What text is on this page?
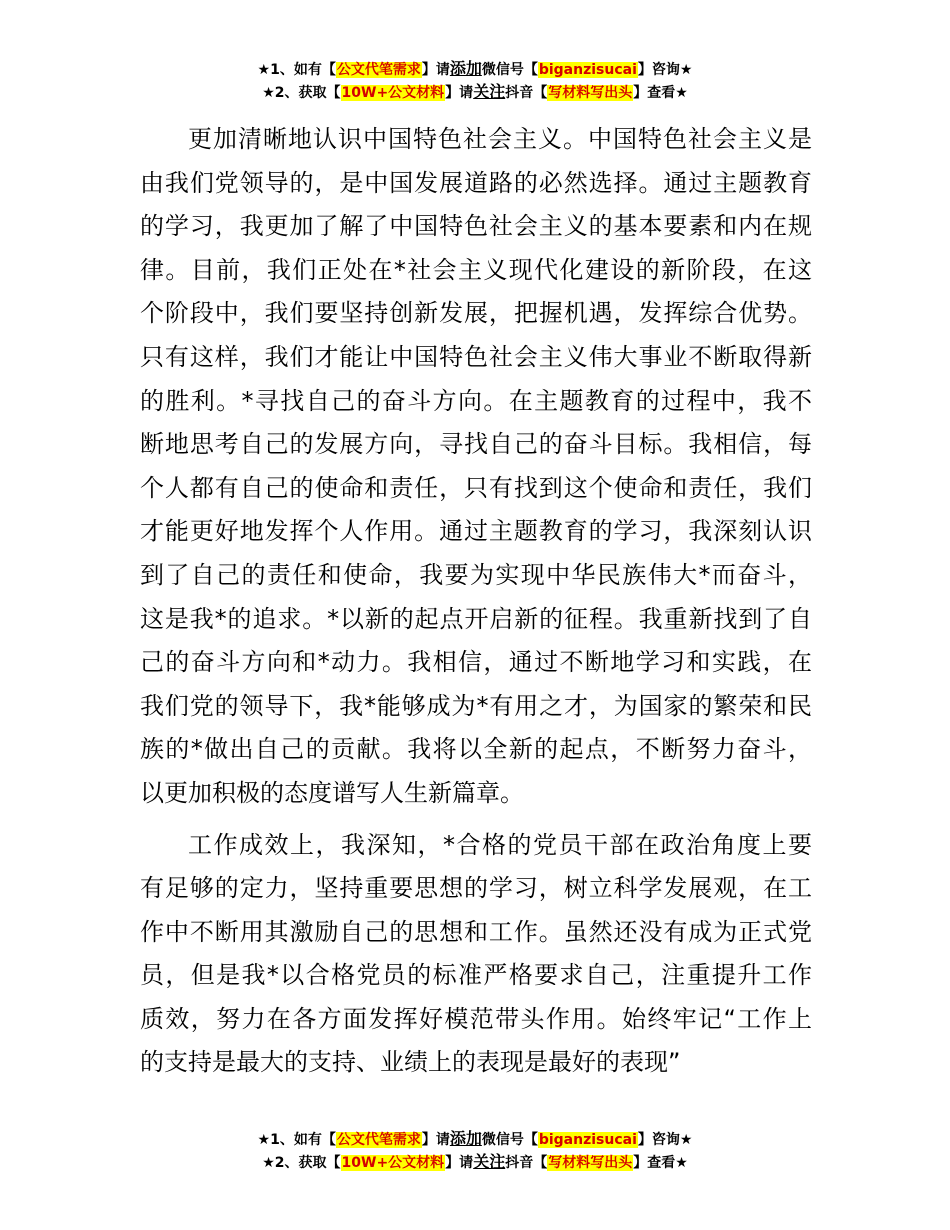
★1、如有【公文代笔需求】请添加微信号【biganzisucai】咨询★
★2、获取【10W+公文材料】请关注抖音【写材料写出头】查看★

更加清晰地认识中国特色社会主义。中国特色社会主义是
由我们党领导的，是中国发展道路的必然选择。通过主题教育
的学习，我更加了解了中国特色社会主义的基本要素和内在规
律。目前，我们正处在*社会主义现代化建设的新阶段，在这
个阶段中，我们要坚持创新发展，把握机遇，发挥综合优势。
只有这样，我们才能让中国特色社会主义伟大事业不断取得新
的胜利。*寻找自己的奋斗方向。在主题教育的过程中，我不
断地思考自己的发展方向，寻找自己的奋斗目标。我相信，每
个人都有自己的使命和责任，只有找到这个使命和责任，我们
才能更好地发挥个人作用。通过主题教育的学习，我深刻认识
到了自己的责任和使命，我要为实现中华民族伟大*而奋斗，
这是我*的追求。*以新的起点开启新的征程。我重新找到了自
己的奋斗方向和*动力。我相信，通过不断地学习和实践，在
我们党的领导下，我*能够成为*有用之才，为国家的繁荣和民
族的*做出自己的贡献。我将以全新的起点，不断努力奋斗，
以更加积极的态度谱写人生新篇章。

工作成效上，我深知，*合格的党员干部在政治角度上要
有足够的定力，坚持重要思想的学习，树立科学发展观，在工
作中不断用其激励自己的思想和工作。虽然还没有成为正式党
员，但是我*以合格党员的标准严格要求自己，注重提升工作
质效，努力在各方面发挥好模范带头作用。始终牢记“工作上
的支持是最大的支持、业绩上的表现是最好的表现”

★1、如有【公文代笔需求】请添加微信号【biganzisucai】咨询★
★2、获取【10W+公文材料】请关注抖音【写材料写出头】查看★
